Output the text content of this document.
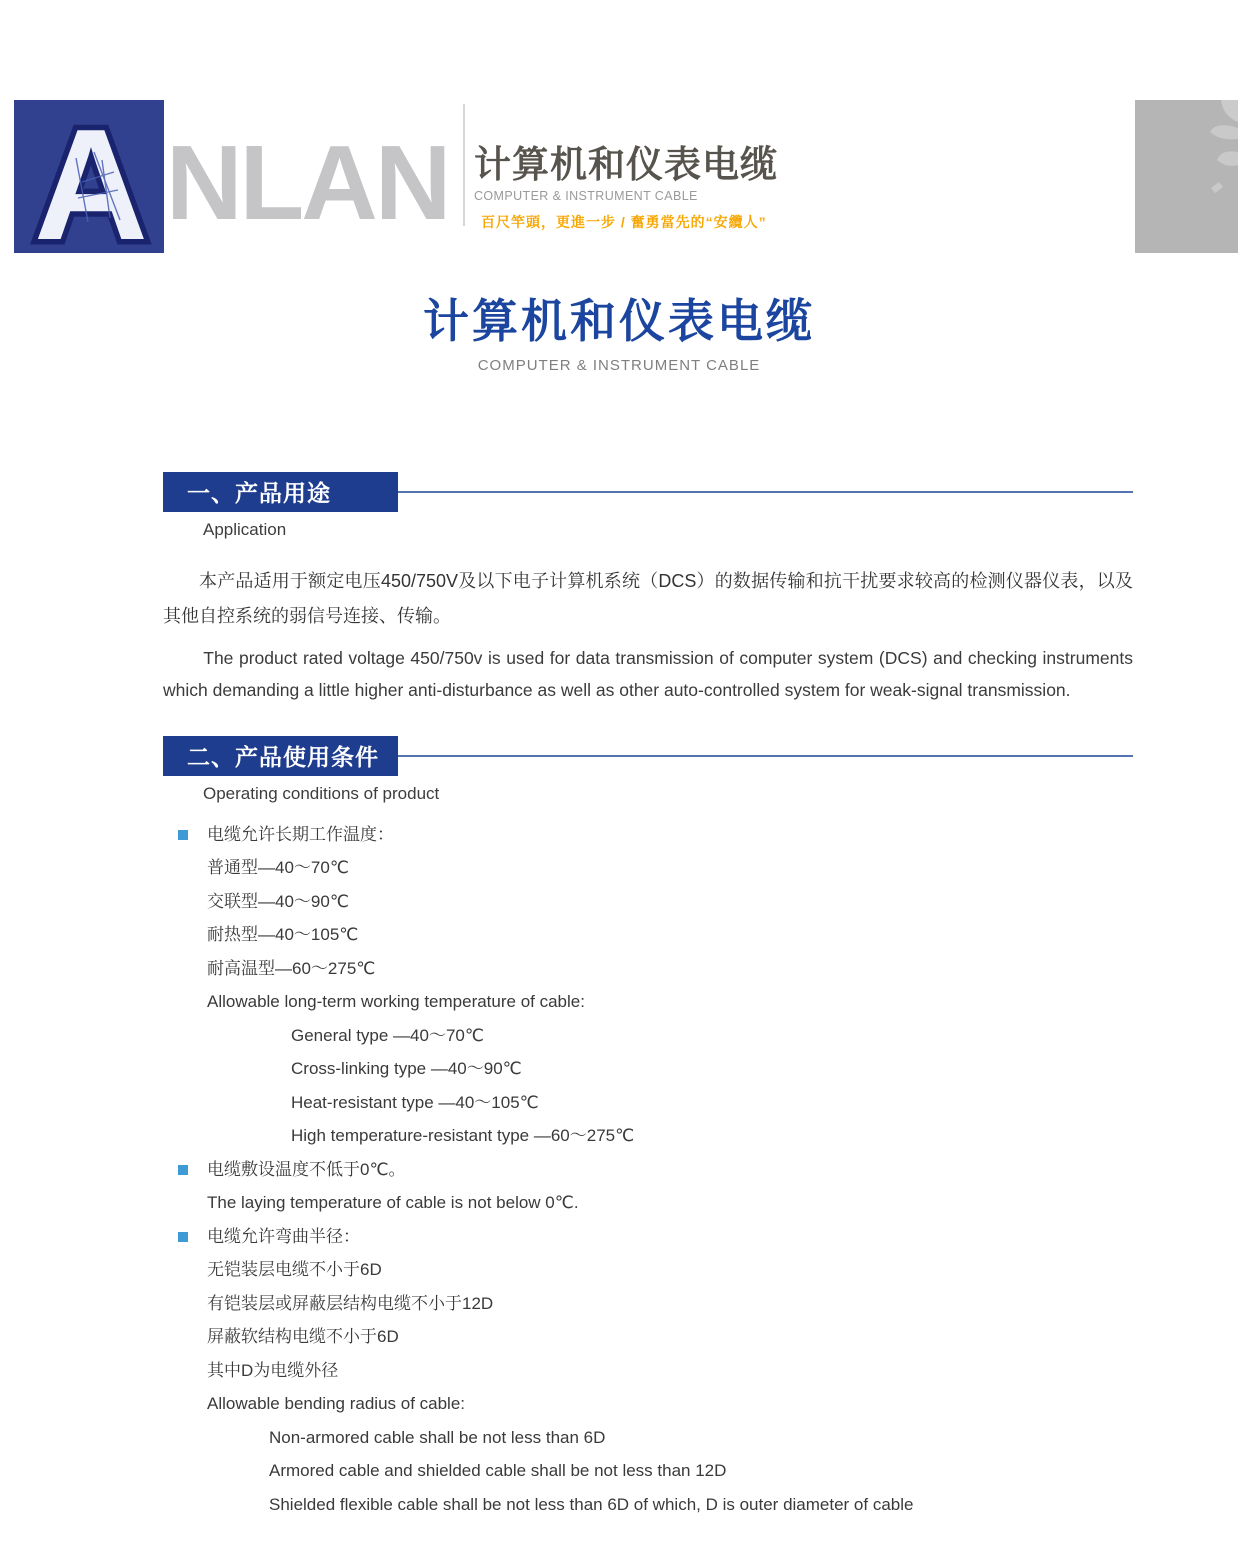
A NLAN 计算机和仪表电缆
COMPUTER & INSTRUMENT CABLE
百尺竿頭，更進一步 / 奮勇當先的“安纜人”
计算机和仪表电缆
COMPUTER & INSTRUMENT CABLE
一、产品用途
Application
本产品适用于额定电压450/750V及以下电子计算机系统（DCS）的数据传输和抗干扰要求较高的检测仪器仪表，以及其他自控系统的弱信号连接、传输。
The product rated voltage 450/750v is used for data transmission of computer system (DCS) and checking instruments which demanding a little higher anti-disturbance as well as other auto-controlled system for weak-signal transmission.
二、产品使用条件
Operating conditions of product
电缆允许长期工作温度：
普通型—40～70℃
交联型—40～90℃
耐热型—40～105℃
耐高温型—60～275℃
Allowable long-term working temperature of cable:
General type —40～70℃
Cross-linking type —40～90℃
Heat-resistant type —40～105℃
High temperature-resistant type —60～275℃
电缆敷设温度不低于0℃。
The laying temperature of cable is not below 0℃.
电缆允许弯曲半径：
无铠装层电缆不小于6D
有铠装层或屏蔽层结构电缆不小于12D
屏蔽软结构电缆不小于6D
其中D为电缆外径
Allowable bending radius of cable:
Non-armored cable shall be not less than 6D
Armored cable and shielded cable shall be not less than 12D
Shielded flexible cable shall be not less than 6D of which, D is outer diameter of cable
